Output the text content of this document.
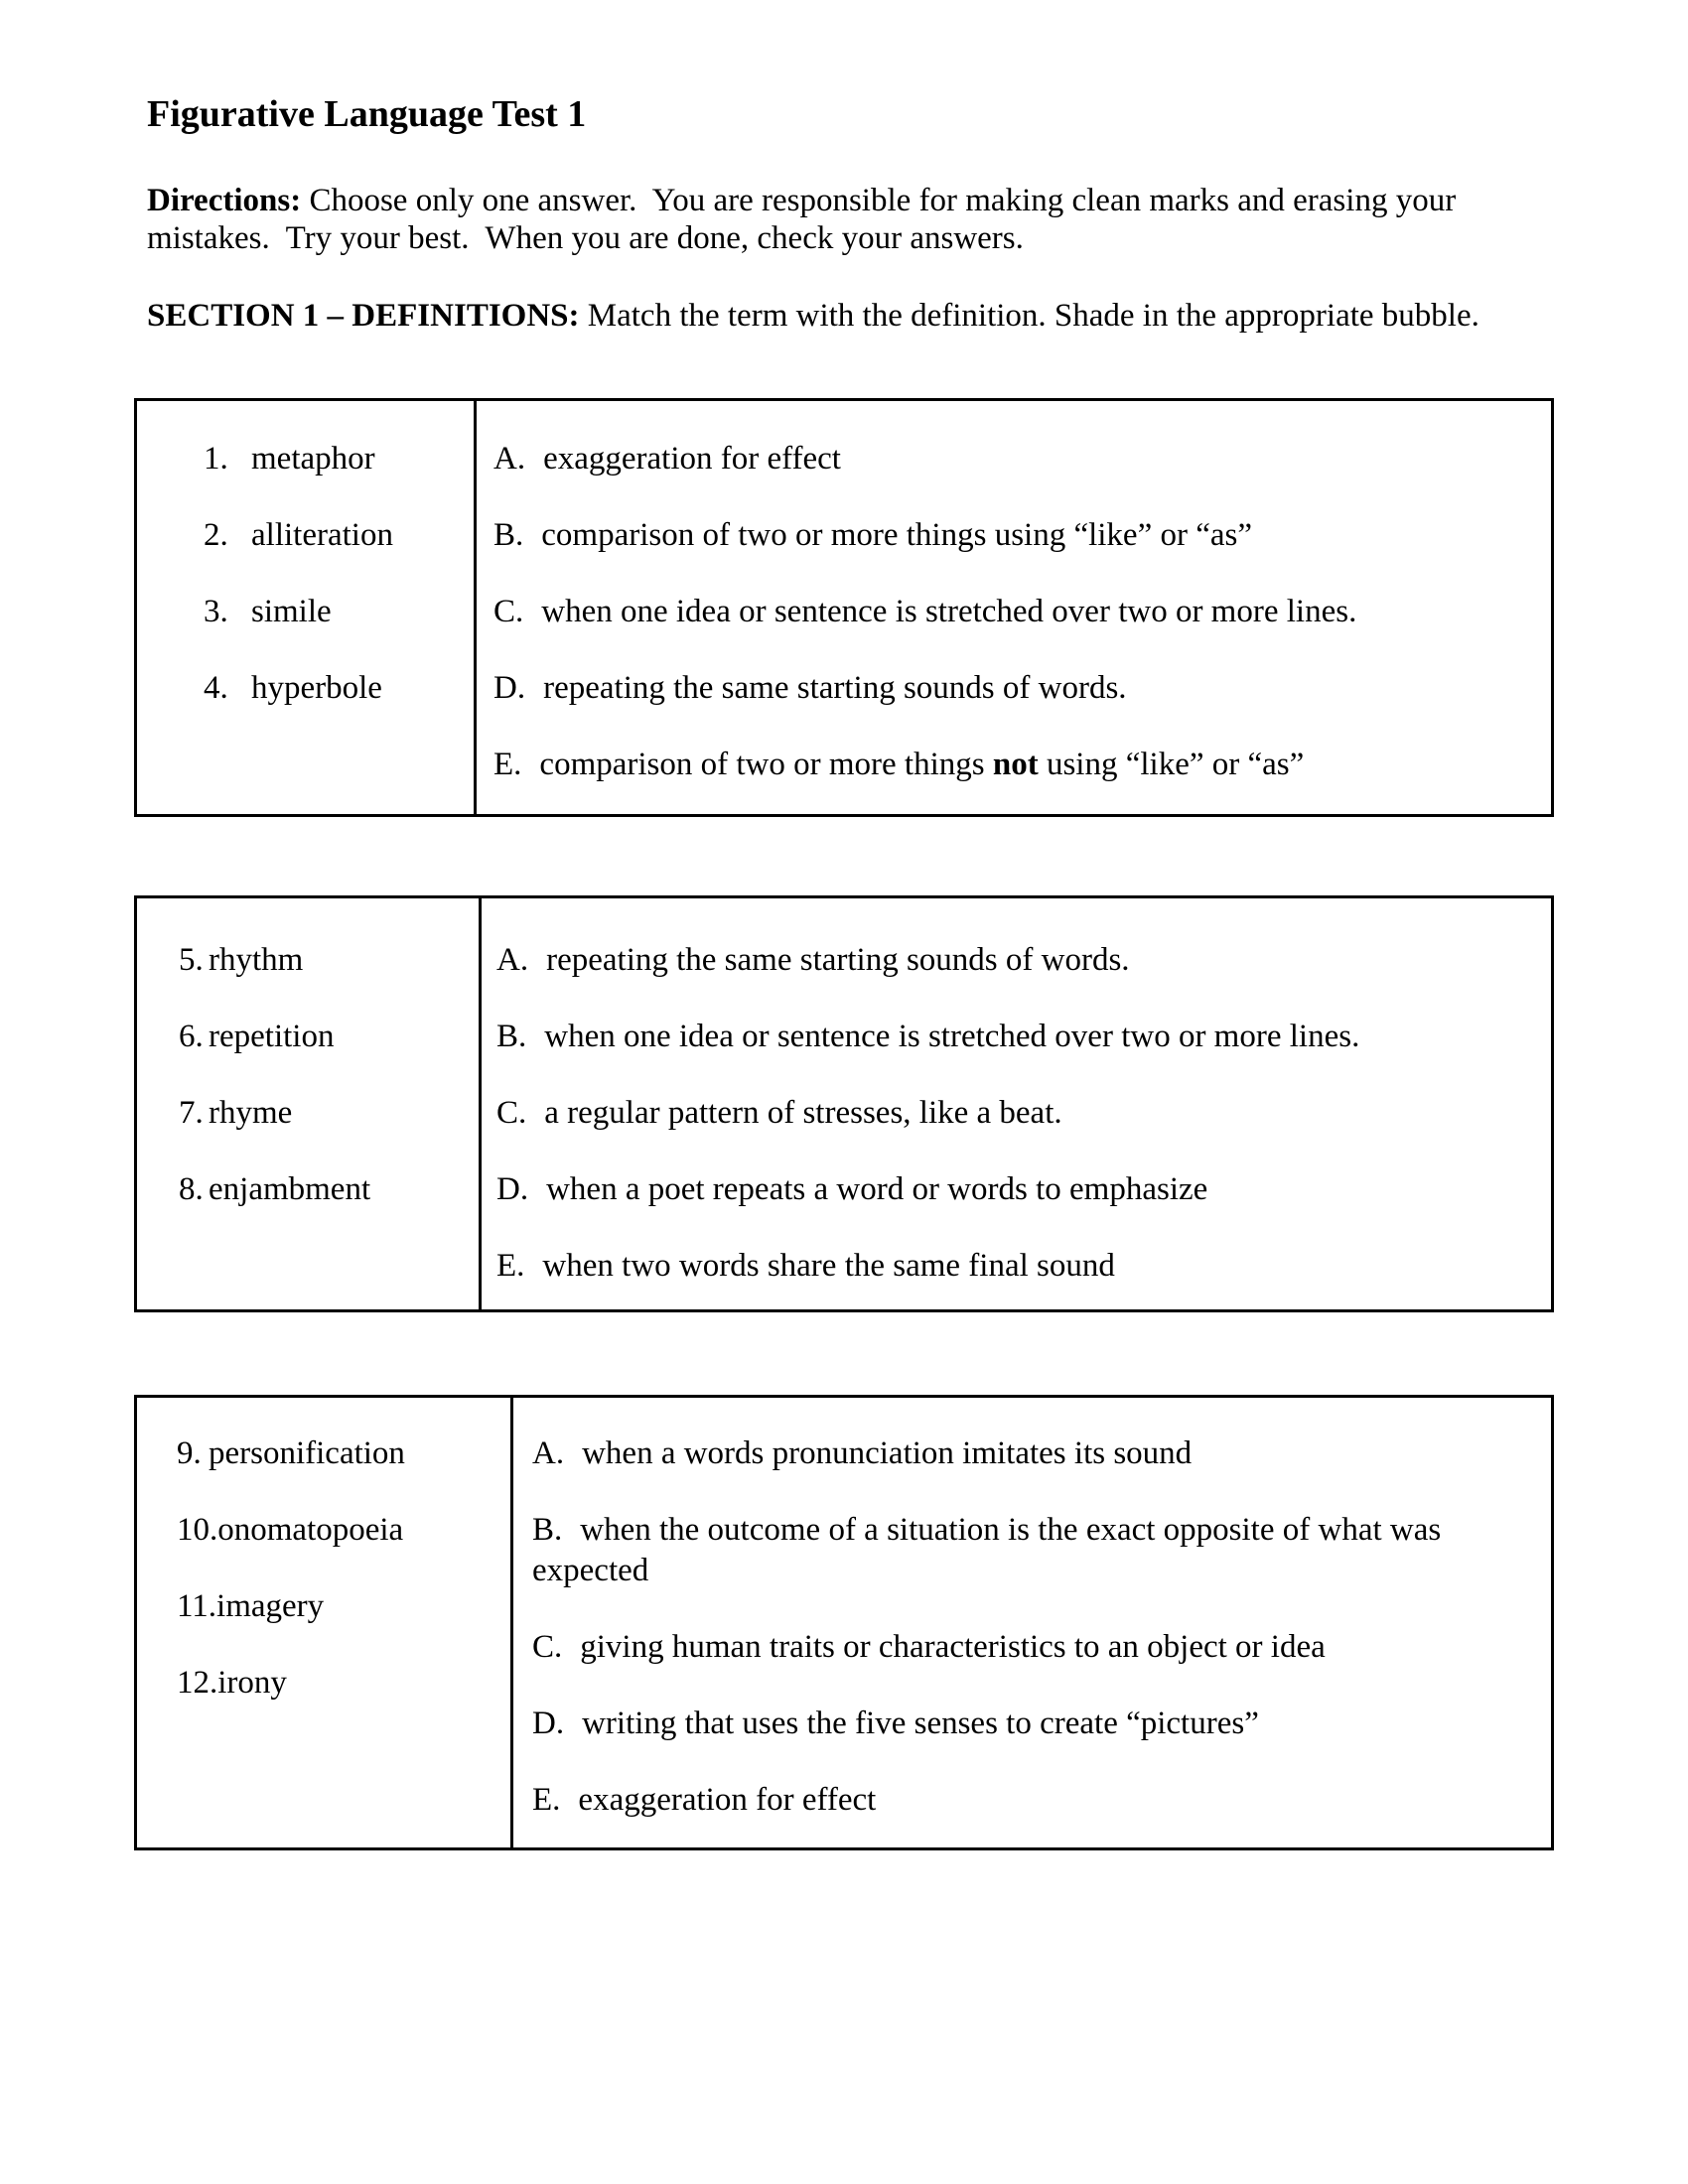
Figurative Language Test 1
Directions: Choose only one answer.  You are responsible for making clean marks and erasing your mistakes.  Try your best.  When you are done, check your answers.
SECTION 1 – DEFINITIONS: Match the term with the definition. Shade in the appropriate bubble.

1. metaphor
2. alliteration
3. simile
4. hyperbole
A. exaggeration for effect
B. comparison of two or more things using “like” or “as”
C. when one idea or sentence is stretched over two or more lines.
D. repeating the same starting sounds of words.
E. comparison of two or more things not using “like” or “as”

5. rhythm
6. repetition
7. rhyme
8. enjambment
A. repeating the same starting sounds of words.
B. when one idea or sentence is stretched over two or more lines.
C. a regular pattern of stresses, like a beat.
D. when a poet repeats a word or words to emphasize
E. when two words share the same final sound

9. personification
10.onomatopoeia
11.imagery
12.irony
A. when a words pronunciation imitates its sound
B. when the outcome of a situation is the exact opposite of what was expected
C. giving human traits or characteristics to an object or idea
D. writing that uses the five senses to create “pictures”
E. exaggeration for effect
